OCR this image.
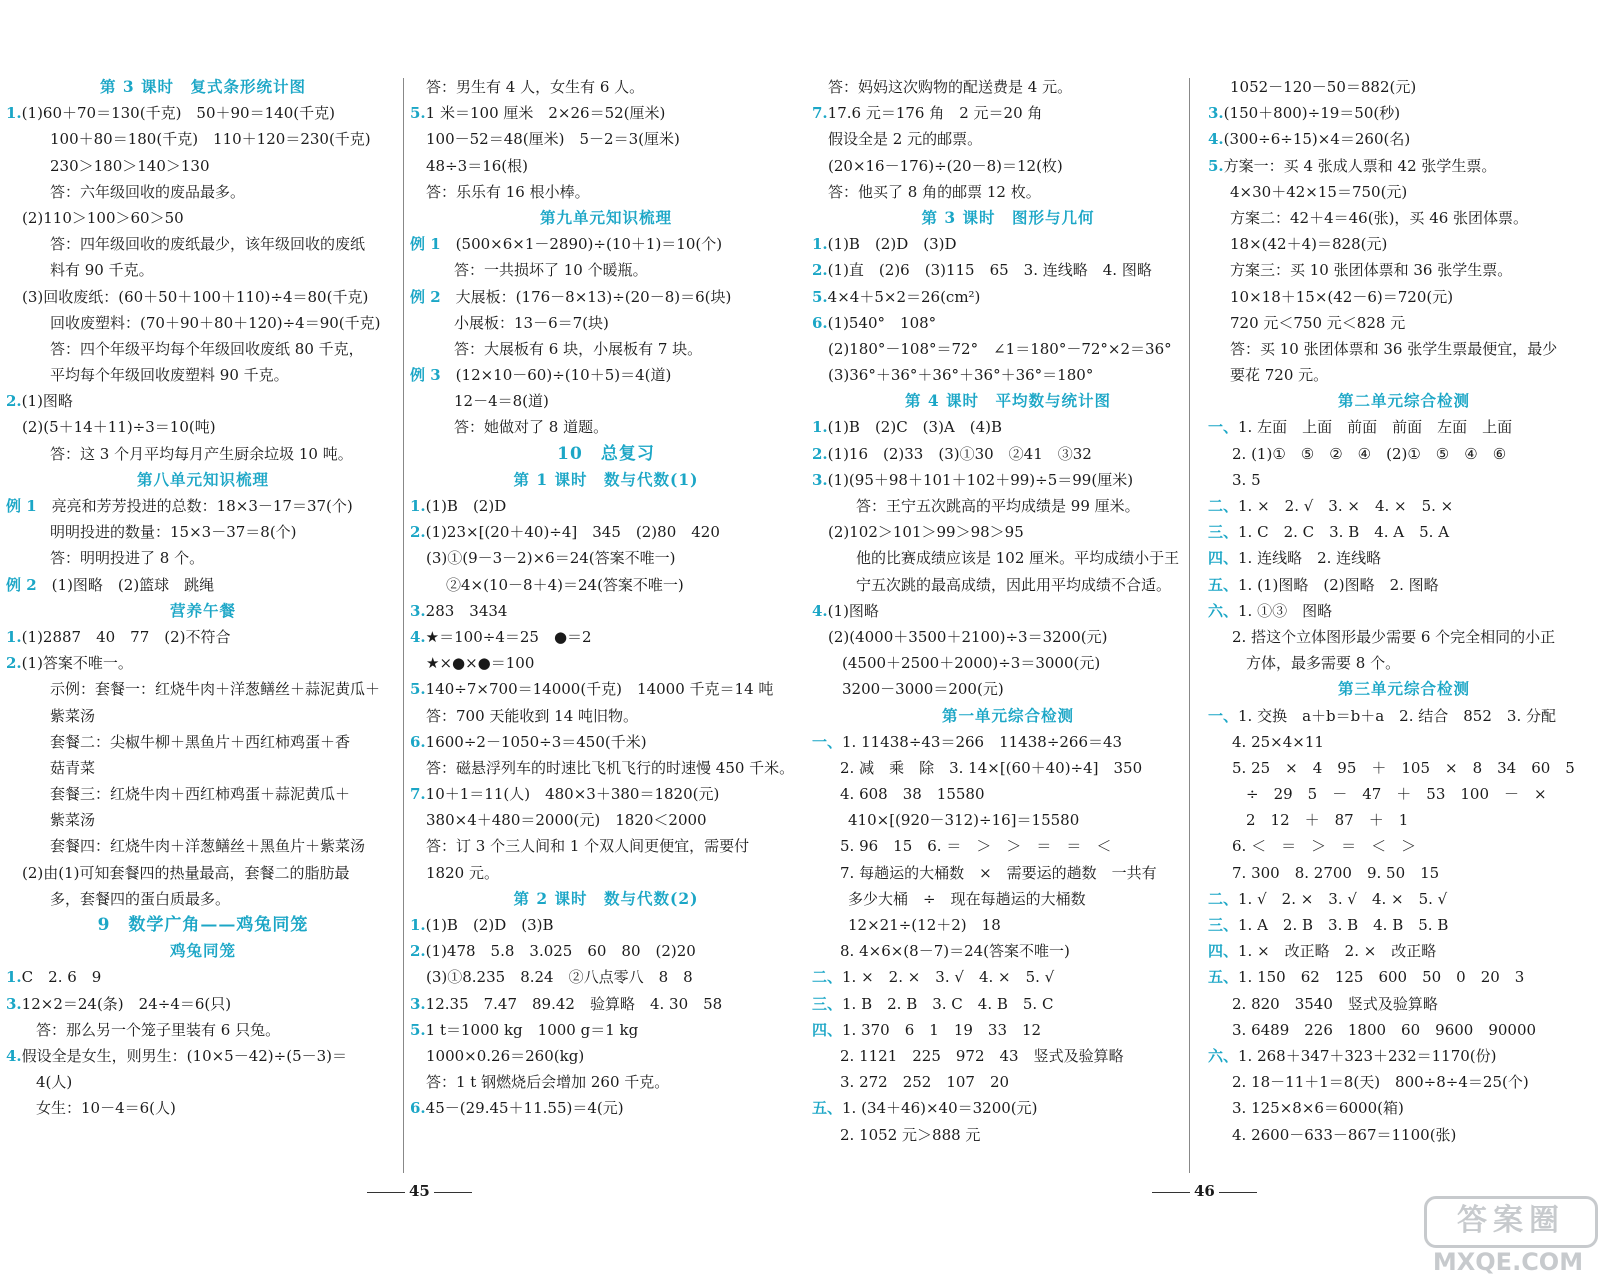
第 3 课时　复式条形统计图
1.(1)60＋70＝130(千克)　50＋90＝140(千克)
100＋80＝180(千克)　110＋120＝230(千克)
230＞180＞140＞130
答：六年级回收的废品最多。
(2)110＞100＞60＞50
答：四年级回收的废纸最少，该年级回收的废纸
料有 90 千克。
(3)回收废纸：(60＋50＋100＋110)÷4＝80(千克)
回收废塑料：(70＋90＋80＋120)÷4＝90(千克)
答：四个年级平均每个年级回收废纸 80 千克，
平均每个年级回收废塑料 90 千克。
2.(1)图略
(2)(5＋14＋11)÷3＝10(吨)
答：这 3 个月平均每月产生厨余垃圾 10 吨。
第八单元知识梳理
例 1　亮亮和芳芳投进的总数：18×3－17＝37(个)
明明投进的数量：15×3－37＝8(个)
答：明明投进了 8 个。
例 2　(1)图略　(2)篮球　跳绳
营养午餐
1.(1)2887　40　77　(2)不符合
2.(1)答案不唯一。
示例：套餐一：红烧牛肉＋洋葱鳝丝＋蒜泥黄瓜＋
紫菜汤
套餐二：尖椒牛柳＋黑鱼片＋西红柿鸡蛋＋香
菇青菜
套餐三：红烧牛肉＋西红柿鸡蛋＋蒜泥黄瓜＋
紫菜汤
套餐四：红烧牛肉＋洋葱鳝丝＋黑鱼片＋紫菜汤
(2)由(1)可知套餐四的热量最高，套餐二的脂肪最
多，套餐四的蛋白质最多。
9　数学广角——鸡兔同笼
鸡兔同笼
1.C　2. 6　9
3.12×2＝24(条)　24÷4＝6(只)
答：那么另一个笼子里装有 6 只兔。
4.假设全是女生，则男生：(10×5－42)÷(5－3)＝
4(人)
女生：10－4＝6(人)
答：男生有 4 人，女生有 6 人。
5.1 米＝100 厘米　2×26＝52(厘米)
100－52＝48(厘米)　5－2＝3(厘米)
48÷3＝16(根)
答：乐乐有 16 根小棒。
第九单元知识梳理
例 1　(500×6×1－2890)÷(10＋1)＝10(个)
答：一共损坏了 10 个暖瓶。
例 2　大展板：(176－8×13)÷(20－8)＝6(块)
小展板：13－6＝7(块)
答：大展板有 6 块，小展板有 7 块。
例 3　(12×10－60)÷(10＋5)＝4(道)
12－4＝8(道)
答：她做对了 8 道题。
10　总复习
第 1 课时　数与代数(1)
1.(1)B　(2)D
2.(1)23×[(20＋40)÷4]　345　(2)80　420
(3)①(9－3－2)×6＝24(答案不唯一)
②4×(10－8＋4)＝24(答案不唯一)
3.283　3434
4.★＝100÷4＝25　●＝2
★×●×●＝100
5.140÷7×700＝14000(千克)　14000 千克＝14 吨
答：700 天能收到 14 吨旧物。
6.1600÷2－1050÷3＝450(千米)
答：磁悬浮列车的时速比飞机飞行的时速慢 450 千米。
7.10＋1＝11(人)　480×3＋380＝1820(元)
380×4＋480＝2000(元)　1820＜2000
答：订 3 个三人间和 1 个双人间更便宜，需要付
1820 元。
第 2 课时　数与代数(2)
1.(1)B　(2)D　(3)B
2.(1)478　5.8　3.025　60　80　(2)20
(3)①8.235　8.24　②八点零八　8　8
3.12.35　7.47　89.42　验算略　4. 30　58
5.1 t＝1000 kg　1000 g＝1 kg
1000×0.26＝260(kg)
答：1 t 钢燃烧后会增加 260 千克。
6.45－(29.45＋11.55)＝4(元)
答：妈妈这次购物的配送费是 4 元。
7.17.6 元＝176 角　2 元＝20 角
假设全是 2 元的邮票。
(20×16－176)÷(20－8)＝12(枚)
答：他买了 8 角的邮票 12 枚。
第 3 课时　图形与几何
1.(1)B　(2)D　(3)D
2.(1)直　(2)6　(3)115　65　3. 连线略　4. 图略
5.4×4＋5×2＝26(cm²)
6.(1)540°　108°
(2)180°－108°＝72°　∠1＝180°－72°×2＝36°
(3)36°＋36°＋36°＋36°＋36°＝180°
第 4 课时　平均数与统计图
1.(1)B　(2)C　(3)A　(4)B
2.(1)16　(2)33　(3)①30　②41　③32
3.(1)(95＋98＋101＋102＋99)÷5＝99(厘米)
答：王宁五次跳高的平均成绩是 99 厘米。
(2)102＞101＞99＞98＞95
他的比赛成绩应该是 102 厘米。平均成绩小于王
宁五次跳的最高成绩，因此用平均成绩不合适。
4.(1)图略
(2)(4000＋3500＋2100)÷3＝3200(元)
(4500＋2500＋2000)÷3＝3000(元)
3200－3000＝200(元)
第一单元综合检测
一、1. 11438÷43＝266　11438÷266＝43
2. 减　乘　除　3. 14×[(60＋40)÷4]　350
4. 608　38　15580
410×[(920－312)÷16]＝15580
5. 96　15　6. ＝　＞　＞　＝　＝　＜
7. 每趟运的大桶数　×　需要运的趟数　一共有
多少大桶　÷　现在每趟运的大桶数
12×21÷(12＋2)　18
8. 4×6×(8－7)＝24(答案不唯一)
二、1. ×　2. ×　3. √　4. ×　5. √
三、1. B　2. B　3. C　4. B　5. C
四、1. 370　6　1　19　33　12
2. 1121　225　972　43　竖式及验算略
3. 272　252　107　20
五、1. (34＋46)×40＝3200(元)
2. 1052 元＞888 元
1052－120－50＝882(元)
3.(150＋800)÷19＝50(秒)
4.(300÷6÷15)×4＝260(名)
5.方案一：买 4 张成人票和 42 张学生票。
4×30＋42×15＝750(元)
方案二：42＋4＝46(张)，买 46 张团体票。
18×(42＋4)＝828(元)
方案三：买 10 张团体票和 36 张学生票。
10×18＋15×(42－6)＝720(元)
720 元＜750 元＜828 元
答：买 10 张团体票和 36 张学生票最便宜，最少
要花 720 元。
第二单元综合检测
一、1. 左面　上面　前面　前面　左面　上面
2. (1)①　⑤　②　④　(2)①　⑤　④　⑥
3. 5
二、1. ×　2. √　3. ×　4. ×　5. ×
三、1. C　2. C　3. B　4. A　5. A
四、1. 连线略　2. 连线略
五、1. (1)图略　(2)图略　2. 图略
六、1. ①③　图略
2. 搭这个立体图形最少需要 6 个完全相同的小正
方体，最多需要 8 个。
第三单元综合检测
一、1. 交换　a＋b＝b＋a　2. 结合　852　3. 分配
4. 25×4×11
5. 25　×　4　95　＋　105　×　8　34　60　5
÷　29　5　－　47　＋　53　100　－　×
2　12　＋　87　＋　1
6. ＜　＝　＞　＝　＜　＞
7. 300　8. 2700　9. 50　15
二、1. √　2. ×　3. √　4. ×　5. √
三、1. A　2. B　3. B　4. B　5. B
四、1. ×　改正略　2. ×　改正略
五、1. 150　62　125　600　50　0　20　3
2. 820　3540　竖式及验算略
3. 6489　226　1800　60　9600　90000
六、1. 268＋347＋323＋232＝1170(份)
2. 18－11＋1＝8(天)　800÷8÷4＝25(个)
3. 125×8×6＝6000(箱)
4. 2600－633－867＝1100(张)
45	46
答案圈
MXQE.COM
